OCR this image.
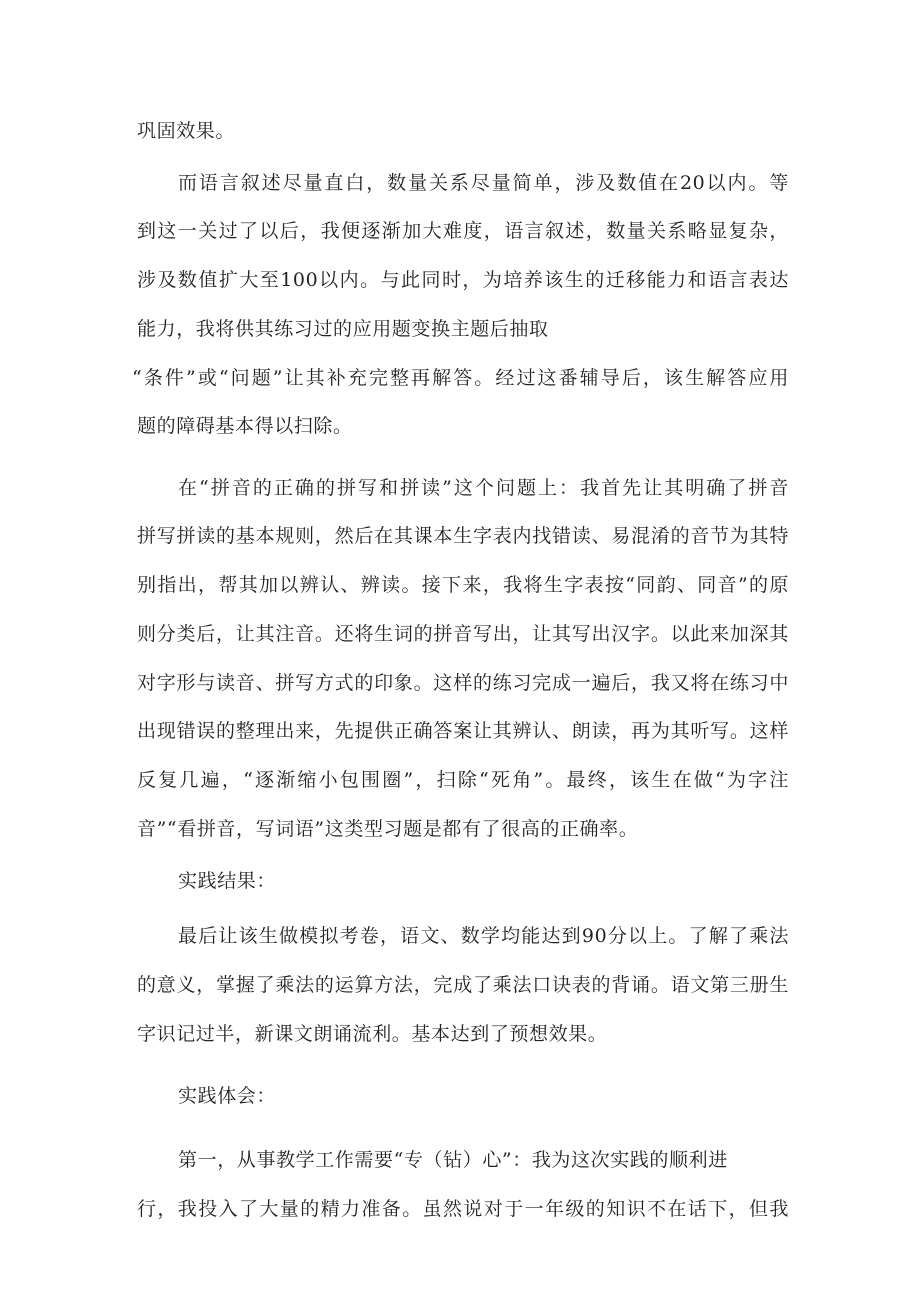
巩固效果。
而语言叙述尽量直白，数量关系尽量简单，涉及数值在20以内。等
到这一关过了以后，我便逐渐加大难度，语言叙述，数量关系略显复杂，
涉及数值扩大至100以内。与此同时，为培养该生的迁移能力和语言表达
能力，我将供其练习过的应用题变换主题后抽取
“条件”或“问题”让其补充完整再解答。经过这番辅导后，该生解答应用
题的障碍基本得以扫除。
在“拼音的正确的拼写和拼读”这个问题上：我首先让其明确了拼音
拼写拼读的基本规则，然后在其课本生字表内找错读、易混淆的音节为其特
别指出，帮其加以辨认、辨读。接下来，我将生字表按“同韵、同音”的原
则分类后，让其注音。还将生词的拼音写出，让其写出汉字。以此来加深其
对字形与读音、拼写方式的印象。这样的练习完成一遍后，我又将在练习中
出现错误的整理出来，先提供正确答案让其辨认、朗读，再为其听写。这样
反复几遍，“逐渐缩小包围圈”，扫除“死角”。最终，该生在做“为字注
音”“看拼音，写词语”这类型习题是都有了很高的正确率。
实践结果：
最后让该生做模拟考卷，语文、数学均能达到90分以上。了解了乘法
的意义，掌握了乘法的运算方法，完成了乘法口诀表的背诵。语文第三册生
字识记过半，新课文朗诵流利。基本达到了预想效果。
实践体会：
第一，从事教学工作需要“专（钻）心”：我为这次实践的顺利进
行，我投入了大量的精力准备。虽然说对于一年级的知识不在话下，但我
